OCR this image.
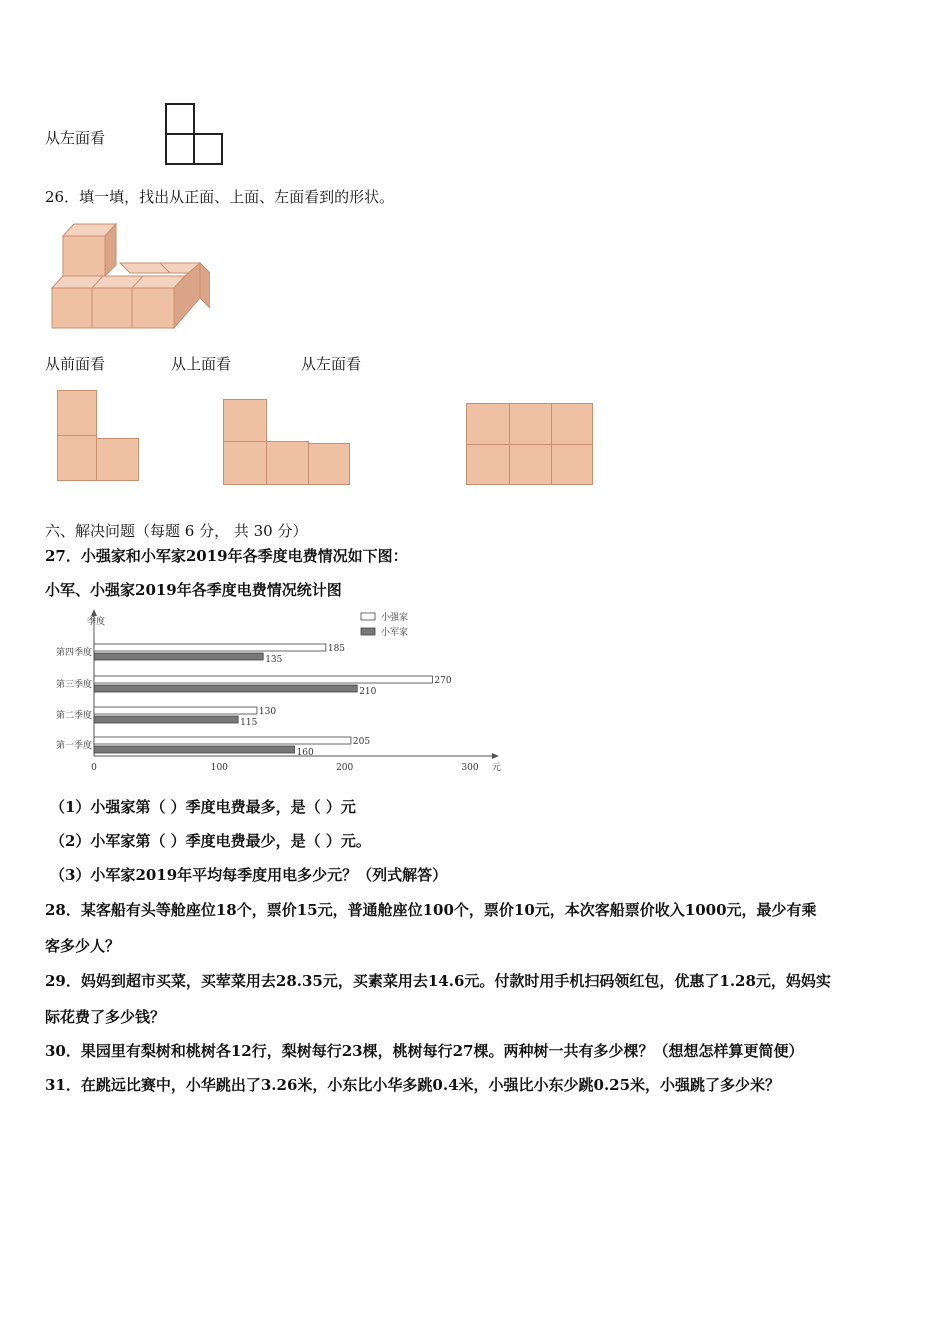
从左面看
26．填一填，找出从正面、上面、左面看到的形状。
从前面看	从上面看	从左面看
六、解决问题（每题 6 分， 共 30 分）
27．小强家和小军家2019年各季度电费情况如下图：
小军、小强家2019年各季度电费情况统计图
季度
元
小强家
小军家
第一季度	205
160
第二季度	130
115
第三季度	270
210
第四季度	185
135
0	100	200	300
（1）小强家第（ ）季度电费最多，是（ ）元
（2）小军家第（ ）季度电费最少，是（ ）元。
（3）小军家2019年平均每季度用电多少元？（列式解答）
28．某客船有头等舱座位18个，票价15元，普通舱座位100个，票价10元，本次客船票价收入1000元，最少有乘
客多少人？
29．妈妈到超市买菜，买荤菜用去28.35元，买素菜用去14.6元。付款时用手机扫码领红包，优惠了1.28元，妈妈实
际花费了多少钱？
30．果园里有梨树和桃树各12行，梨树每行23棵，桃树每行27棵。两种树一共有多少棵？（想想怎样算更简便）
31．在跳远比赛中，小华跳出了3.26米，小东比小华多跳0.4米，小强比小东少跳0.25米，小强跳了多少米？
